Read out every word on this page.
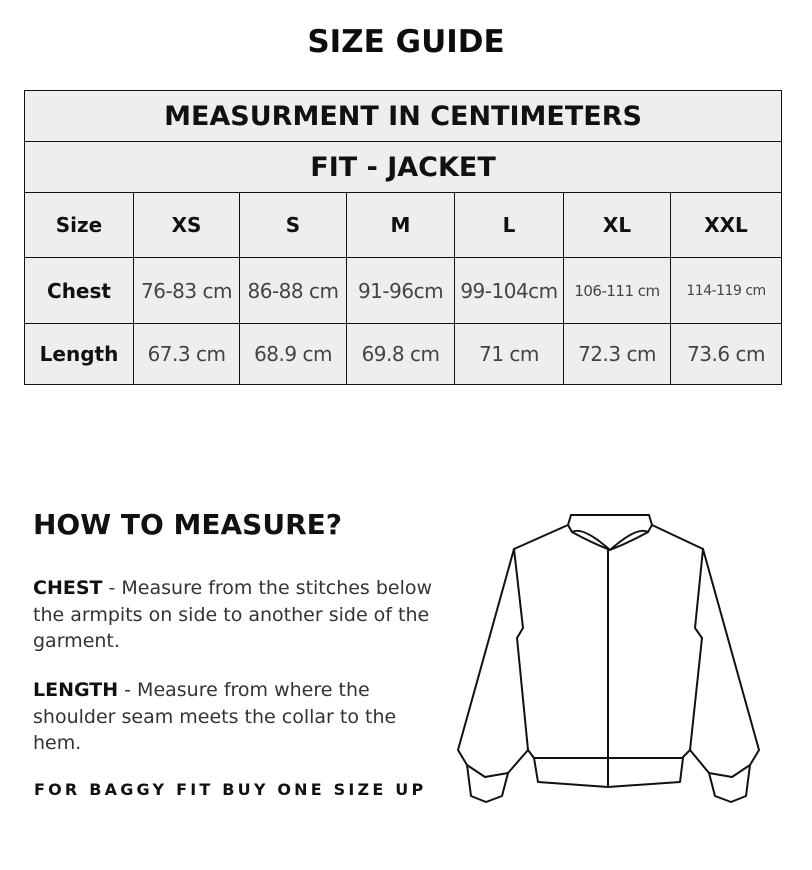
SIZE GUIDE
MEASURMENT IN CENTIMETERS						
FIT - JACKET						
Size	XS	S	M	L	XL	XXL
Chest	76-83 cm	86-88 cm	91-96cm	99-104cm	106-111 cm	114-119 cm
Length	67.3 cm	68.9 cm	69.8 cm	71 cm	72.3 cm	73.6 cm
HOW TO MEASURE?

CHEST - Measure from the stitches below the armpits on side to another side of the garment.

LENGTH - Measure from where the shoulder seam meets the collar to the hem.

FOR BAGGY FIT BUY ONE SIZE UP
